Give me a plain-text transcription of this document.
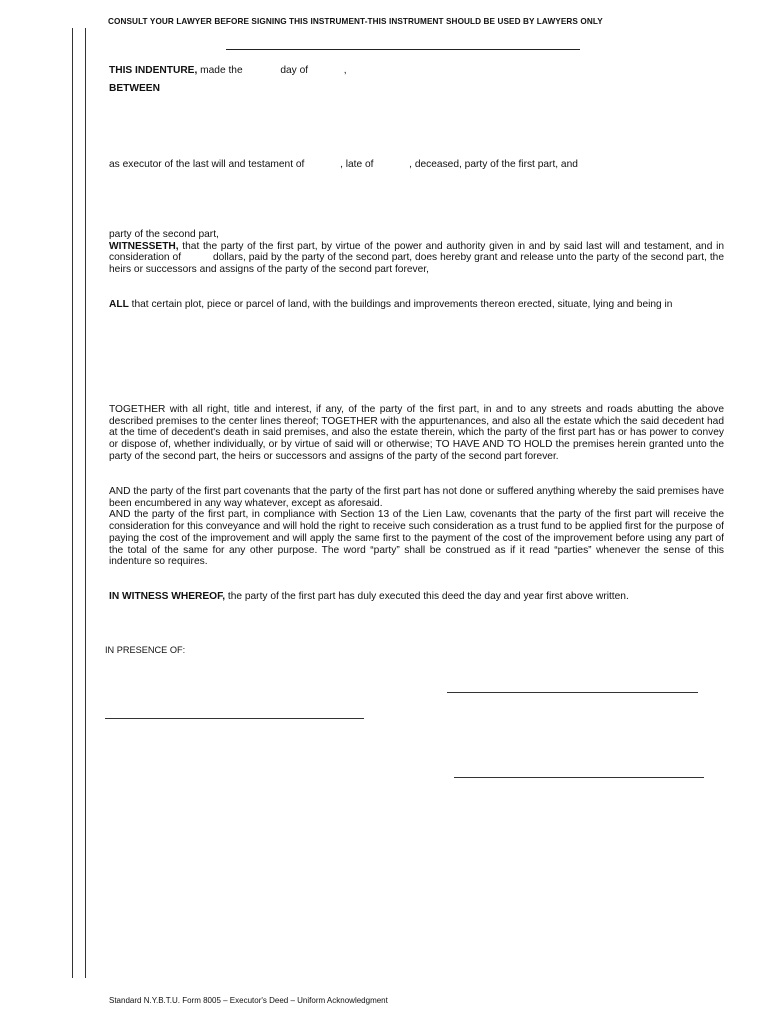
CONSULT YOUR LAWYER BEFORE SIGNING THIS INSTRUMENT-THIS INSTRUMENT SHOULD BE USED BY LAWYERS ONLY
THIS INDENTURE, made the	day of	,
BETWEEN
as executor of the last will and testament of	, late of	, deceased, party of the first part, and
party of the second part,
WITNESSETH, that the party of the first part, by virtue of the power and authority given in and by said last will and testament, and in consideration of	dollars, paid by the party of the second part, does hereby grant and release unto the party of the second part, the heirs or successors and assigns of the party of the second part forever,
ALL that certain plot, piece or parcel of land, with the buildings and improvements thereon erected, situate, lying and being in
TOGETHER with all right, title and interest, if any, of the party of the first part, in and to any streets and roads abutting the above described premises to the center lines thereof; TOGETHER with the appurtenances, and also all the estate which the said decedent had at the time of decedent's death in said premises, and also the estate therein, which the party of the first part has or has power to convey or dispose of, whether individually, or by virtue of said will or otherwise; TO HAVE AND TO HOLD the premises herein granted unto the party of the second part, the heirs or successors and assigns of the party of the second part forever.
AND the party of the first part covenants that the party of the first part has not done or suffered anything whereby the said premises have been encumbered in any way whatever, except as aforesaid.
AND the party of the first part, in compliance with Section 13 of the Lien Law, covenants that the party of the first part will receive the consideration for this conveyance and will hold the right to receive such consideration as a trust fund to be applied first for the purpose of paying the cost of the improvement and will apply the same first to the payment of the cost of the improvement before using any part of the total of the same for any other purpose. The word “party” shall be construed as if it read “parties” whenever the sense of this indenture so requires.
IN WITNESS WHEREOF, the party of the first part has duly executed this deed the day and year first above written.
IN PRESENCE OF:
Standard N.Y.B.T.U. Form 8005 – Executor's Deed – Uniform Acknowledgment
